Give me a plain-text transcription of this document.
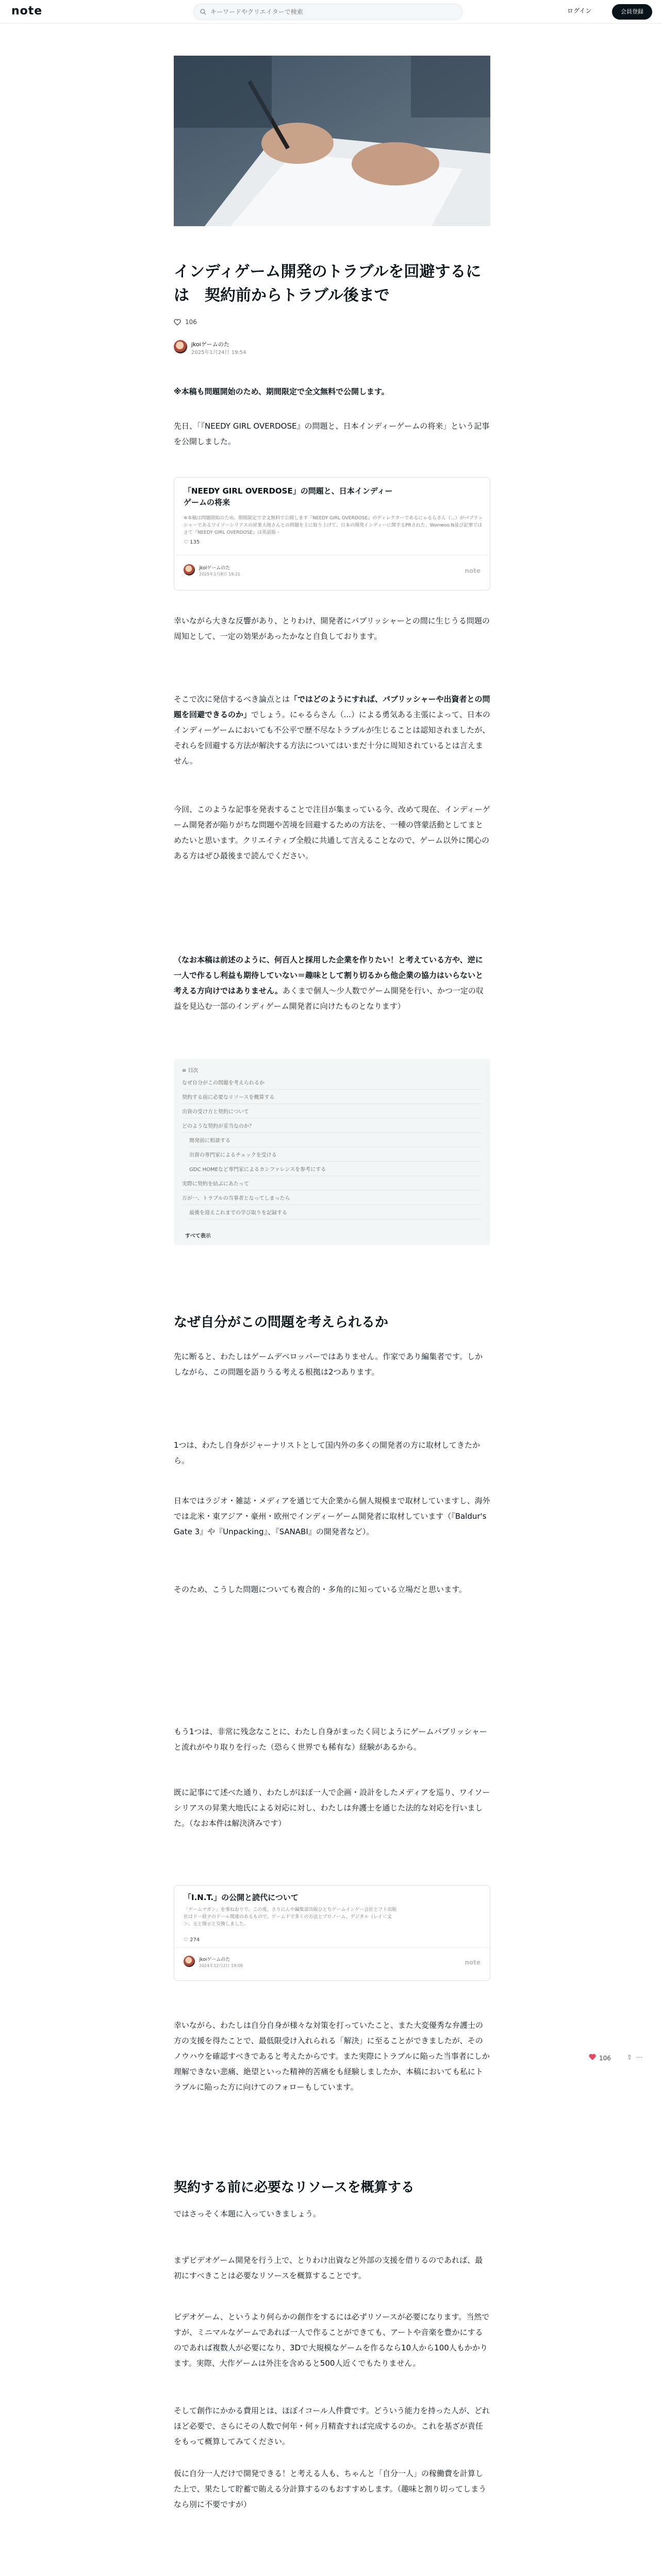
note
キーワードやクリエイターで検索	ログイン	会員登録
インディゲーム開発のトラブルを回避するには　契約前からトラブル後まで
106
jkoiゲームのた
2025年1月24日 19:54

※本稿も問題開始のため、期間限定で全文無料で公開します。

先日、「『NEEDY GIRL OVERDOSE』の問題と、日本インディーゲームの将来」という記事を公開しました。

「NEEDY GIRL OVERDOSE」の問題と、日本インディーゲームの将来
※本稿は問題開始のため、期間限定で全文無料で公開します『NEEDY GIRL OVERDOSE』のディレクターであるにゃるらさん（...）がパブリッシャーであるワイソーシリアスの昇業大地さんとの問題を主に取り上げて、日本の開発インディーに関するPRされた、Wonwoo.N及び記事ではさて『NEEDY GIRL OVERDOSE』は英語版・
♡ 135
jkoiゲームのた
2025年1月8日 19:21	note

幸いながら大きな反響があり、とりわけ、開発者にパブリッシャーとの間に生じうる問題の周知として、一定の効果があったかなと自負しております。

そこで次に発信するべき論点とは「ではどのようにすれば、パブリッシャーや出資者との問題を回避できるのか」でしょう。にゃるらさん（...）による勇気ある主張によって、日本のインディーゲームにおいても不公平で歴不尽なトラブルが生じることは認知されましたが、それらを回避する方法が解決する方法についてはいまだ十分に周知されているとは言えません。

今回、このような記事を発表することで注目が集まっている今、改めて現在、インディーゲーム開発者が陥りがちな問題や苦境を回避するための方法を、一種の啓蒙活動としてまとめたいと思います。クリエイティブ全般に共通して言えることなので、ゲーム以外に関心のある方はぜひ最後まで読んでください。

（なお本稿は前述のように、何百人と採用した企業を作りたい！と考えている方や、逆に一人で作るし利益も期待していない＝趣味として割り切るから他企業の協力はいらないと考える方向けではありません。あくまで個人〜少人数でゲーム開発を行い、かつ一定の収益を見込む一部のインディゲーム開発者に向けたものとなります）

≡ 目次
なぜ自分がこの問題を考えられるか
契約する前に必要なリソースを概算する
出資の受け方と契約について
どのような契約が妥当なのか？
開発前に相談する
出資の専門家によるチェックを受ける
GDC HOMEなど専門家によるカンファレンスを参考にする
実際に契約を結ぶにあたって
万が一、トラブルの当事者となってしまったら
最後を迎えこれまでの学び取りを記録する
すべて表示
なぜ自分がこの問題を考えられるか

先に断ると、わたしはゲームデベロッパーではありません。作家であり編集者です。しかしながら、この問題を語りうる考える根拠は2つあります。

1つは、わたし自身がジャーナリストとして国内外の多くの開発者の方に取材してきたから。

日本ではラジオ・雑誌・メディアを通じて大企業から個人規模まで取材していますし、海外では北米・東アジア・豪州・欧州でインディーゲーム開発者に取材しています（『Baldur's Gate 3』や『Unpacking』、『SANABI』の開発者など）。

そのため、こうした問題についても複合的・多角的に知っている立場だと思います。

もう1つは、非常に残念なことに、わたし自身がまったく同じようにゲームパブリッシャーと流れがやり取りを行った（恐らく世界でも稀有な）経験があるから。

既に記事にて述べた通り、わたしがほぼ一人で企画・設計をしたメディアを巡り、ワイソーシリアスの昇業大地氏による対応に対し、わたしは弁護士を通じた法的な対応を行いました。（なお本件は解決済みです）

「I.N.T.」の公開と読代について
「ゲームマガン」を事ねおりで、この度、さりにんや編集部出版ひとちゲームインゲー会社とフト出版社はドー経ヲのドール関連のあるもので、ゲームドで多くの方法とプロノーム、デジタル（レイ＜文＞、元と開示と交換しました。
♡ 274
jkoiゲームのた
2024年12月2日 19:00	note

幸いながら、わたしは自分自身が様々な対策を打っていたこと、また大変優秀な弁護士の方の支援を得たことで、最低限受け入れられる「解決」に至ることができましたが、そのノウハウを確認すべきであると考えたからです。また実際にトラブルに陥った当事者にしか理解できない悲痛、絶望といった精神的苦痛をも経験しましたか、本稿においても私にトラブルに陥った方に向けてのフォローもしています。

106	⇪ ⋯
契約する前に必要なリソースを概算する

ではさっそく本題に入っていきましょう。

まずビデオゲーム開発を行う上で、とりわけ出資など外部の支援を借りるのであれば、最初にすべきことは必要なリソースを概算することです。

ビデオゲーム、というより何らかの創作をするには必ずリソースが必要になります。当然ですが、ミニマルなゲームであれば一人で作ることができても、アートや音楽を豊かにするのであれば複数人が必要になり、3Dで大規模なゲームを作るなら10人から100人もかかります。実際、大作ゲームは外注を含めると500人近くでもたりません。

そして創作にかかる費用とは、ほぼイコール人件費です。どういう能力を持った人が、どれほど必要で、さらにその人数で何年・何ヶ月精査すれば完成するのか。これを基ざが責任をもって概算してみてください。

仮に自分一人だけで開発できる！と考える人も、ちゃんと「自分一人」の稼働費を計算した上で、果たして貯蓄で賄える分計算するのもおすすめします。（趣味と割り切ってしまうなら別に不要ですが）
